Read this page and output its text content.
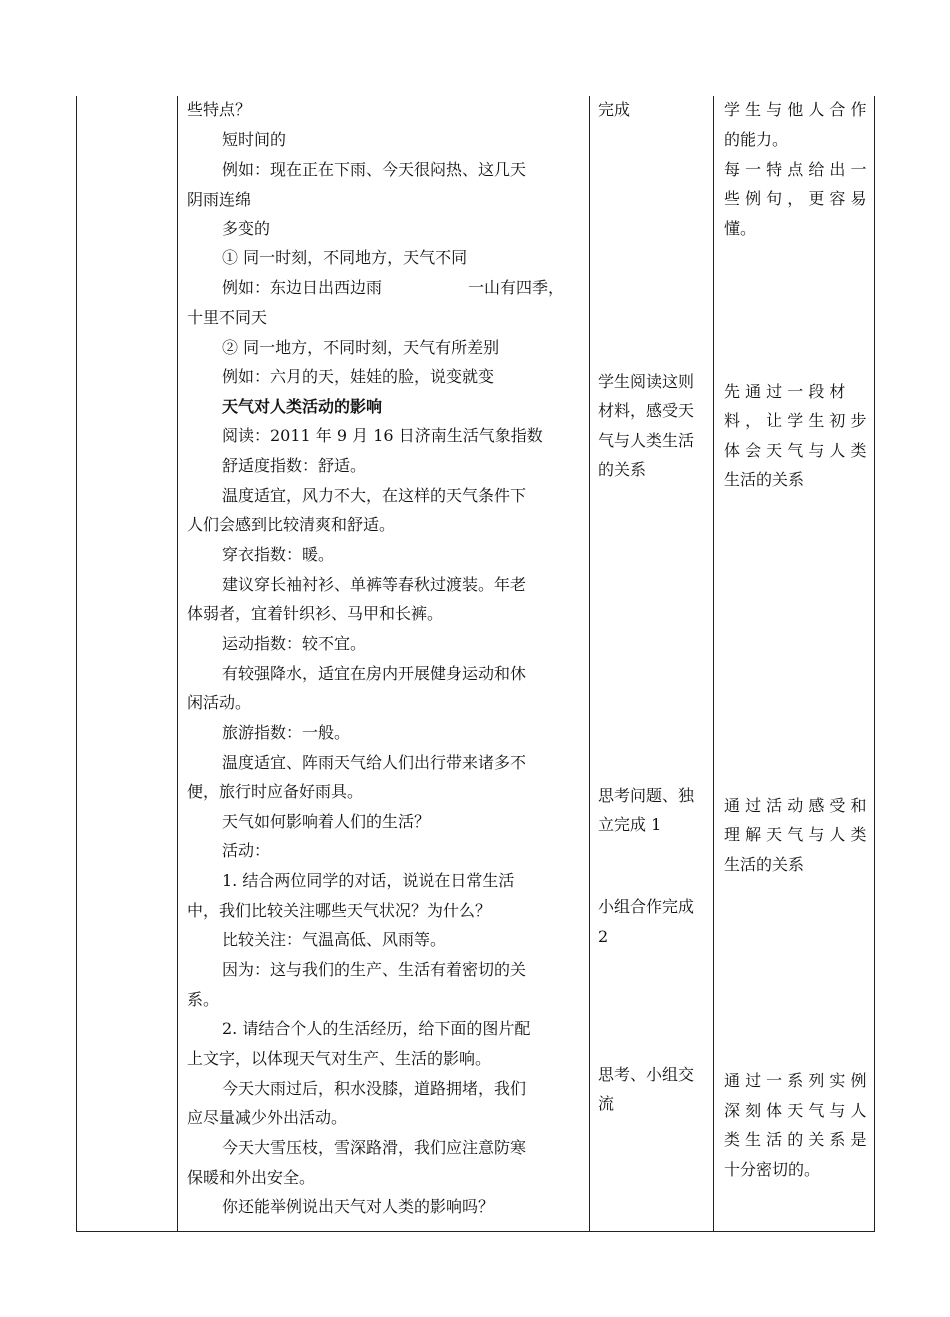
些特点？
短时间的
例如：现在正在下雨、今天很闷热、这几天
阴雨连绵
多变的
① 同一时刻，不同地方，天气不同
例如：东边日出西边雨	一山有四季，
十里不同天
② 同一地方，不同时刻，天气有所差别
例如：六月的天，娃娃的脸，说变就变
天气对人类活动的影响
阅读：2011 年 9 月 16 日济南生活气象指数
舒适度指数：舒适。
温度适宜，风力不大，在这样的天气条件下
人们会感到比较清爽和舒适。
穿衣指数：暖。
建议穿长袖衬衫、单裤等春秋过渡装。年老
体弱者，宜着针织衫、马甲和长裤。
运动指数：较不宜。
有较强降水，适宜在房内开展健身运动和休
闲活动。
旅游指数：一般。
温度适宜、阵雨天气给人们出行带来诸多不
便，旅行时应备好雨具。
天气如何影响着人们的生活？
活动：
1. 结合两位同学的对话，说说在日常生活
中，我们比较关注哪些天气状况？为什么？
比较关注：气温高低、风雨等。
因为：这与我们的生产、生活有着密切的关
系。
2. 请结合个人的生活经历，给下面的图片配
上文字，以体现天气对生产、生活的影响。
今天大雨过后，积水没膝，道路拥堵，我们
应尽量减少外出活动。
今天大雪压枝，雪深路滑，我们应注意防寒
保暖和外出安全。
你还能举例说出天气对人类的影响吗？
完成
学生阅读这则
材料，感受天
气与人类生活
的关系
思考问题、独
立完成 1
小组合作完成
2
思考、小组交
流
学 生 与 他 人 合 作
的能力。
每 一 特 点 给 出 一
些 例 句 ， 更 容 易
懂。
先 通 过 一 段 材
料 ， 让 学 生 初 步
体 会 天 气 与 人 类
生活的关系
通 过 活 动 感 受 和
理 解 天 气 与 人 类
生活的关系
通 过 一 系 列 实 例
深 刻 体 天 气 与 人
类 生 活 的 关 系 是
十分密切的。
